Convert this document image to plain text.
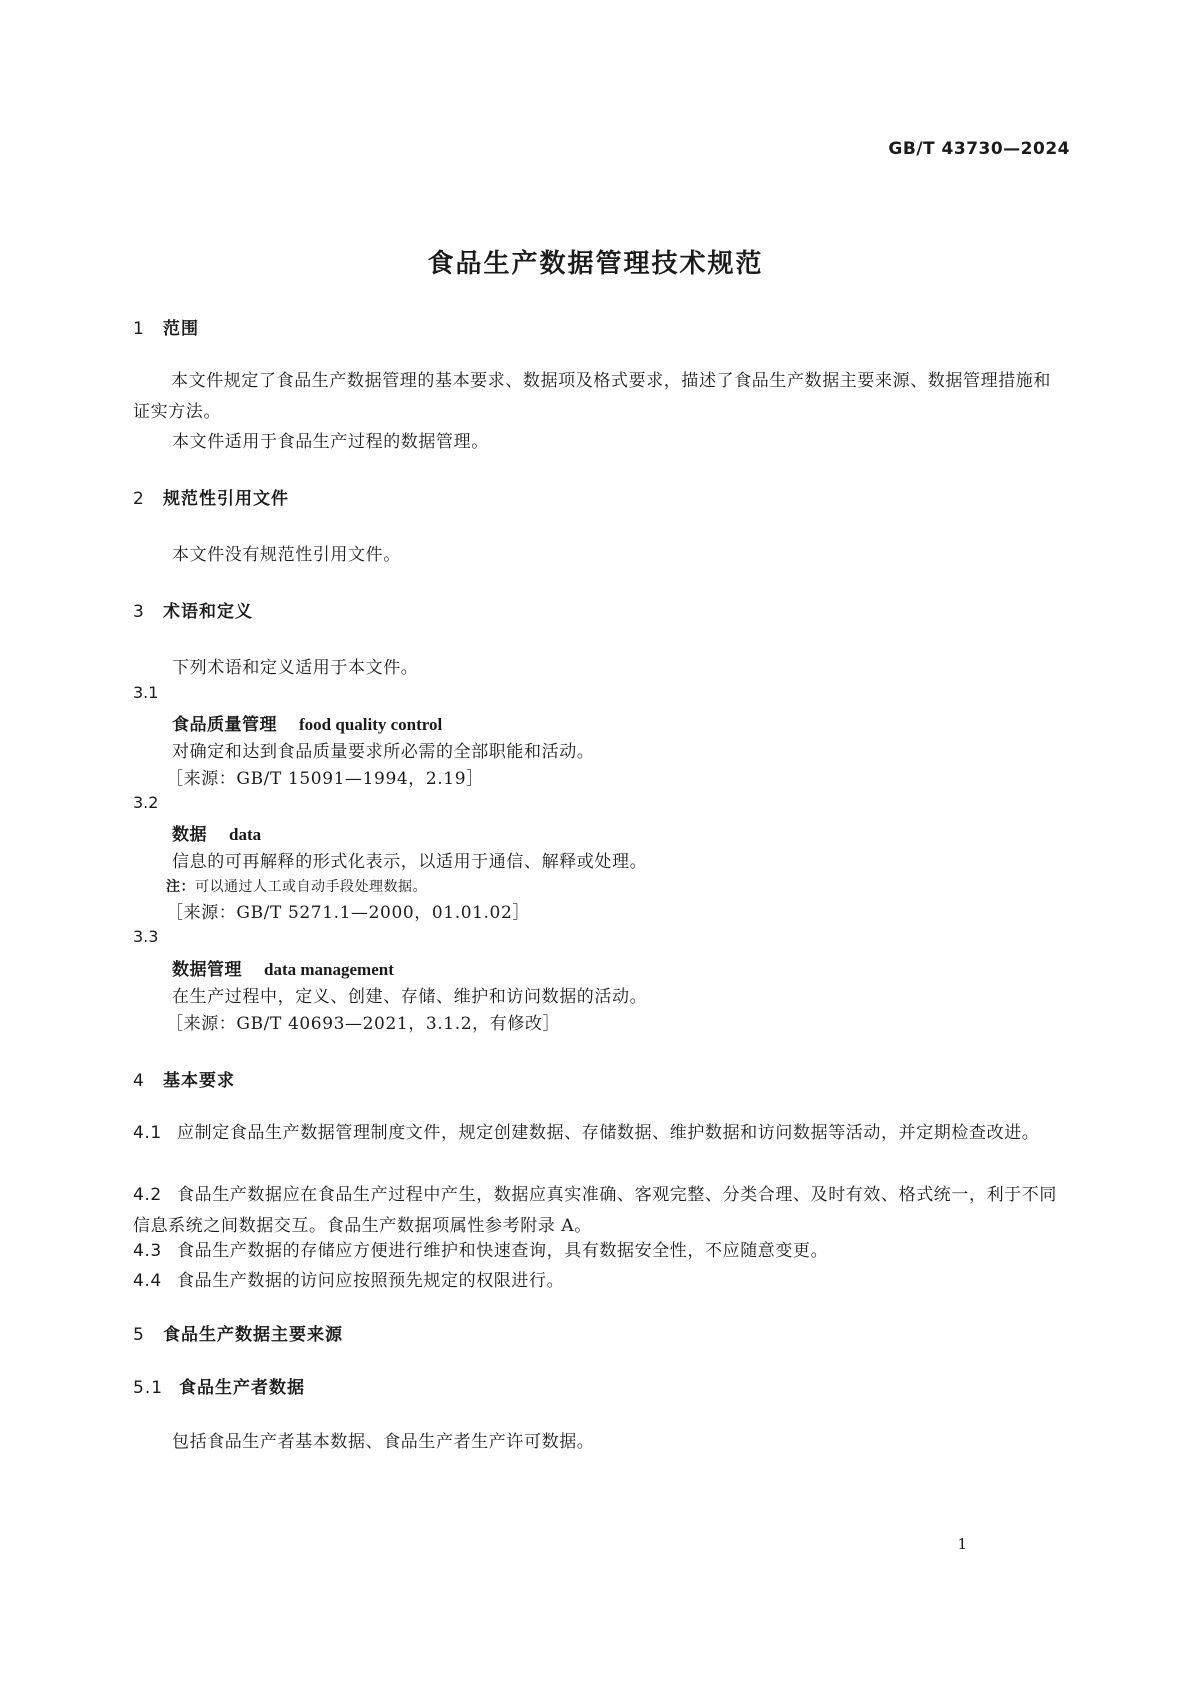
GB/T 43730—2024
食品生产数据管理技术规范
1 范围
本文件规定了食品生产数据管理的基本要求、数据项及格式要求，描述了食品生产数据主要来源、数据管理措施和证实方法。
本文件适用于食品生产过程的数据管理。
2 规范性引用文件
本文件没有规范性引用文件。
3 术语和定义
下列术语和定义适用于本文件。
3.1
食品质量管理 food quality control
对确定和达到食品质量要求所必需的全部职能和活动。
［来源：GB/T 15091—1994，2.19］
3.2
数据 data
信息的可再解释的形式化表示，以适用于通信、解释或处理。
注：可以通过人工或自动手段处理数据。
［来源：GB/T 5271.1—2000，01.01.02］
3.3
数据管理 data management
在生产过程中，定义、创建、存储、维护和访问数据的活动。
［来源：GB/T 40693—2021，3.1.2，有修改］
4 基本要求
4.1 应制定食品生产数据管理制度文件，规定创建数据、存储数据、维护数据和访问数据等活动，并定期检查改进。
4.2 食品生产数据应在食品生产过程中产生，数据应真实准确、客观完整、分类合理、及时有效、格式统一，利于不同信息系统之间数据交互。食品生产数据项属性参考附录 A。
4.3 食品生产数据的存储应方便进行维护和快速查询，具有数据安全性，不应随意变更。
4.4 食品生产数据的访问应按照预先规定的权限进行。
5 食品生产数据主要来源
5.1 食品生产者数据
包括食品生产者基本数据、食品生产者生产许可数据。
1
